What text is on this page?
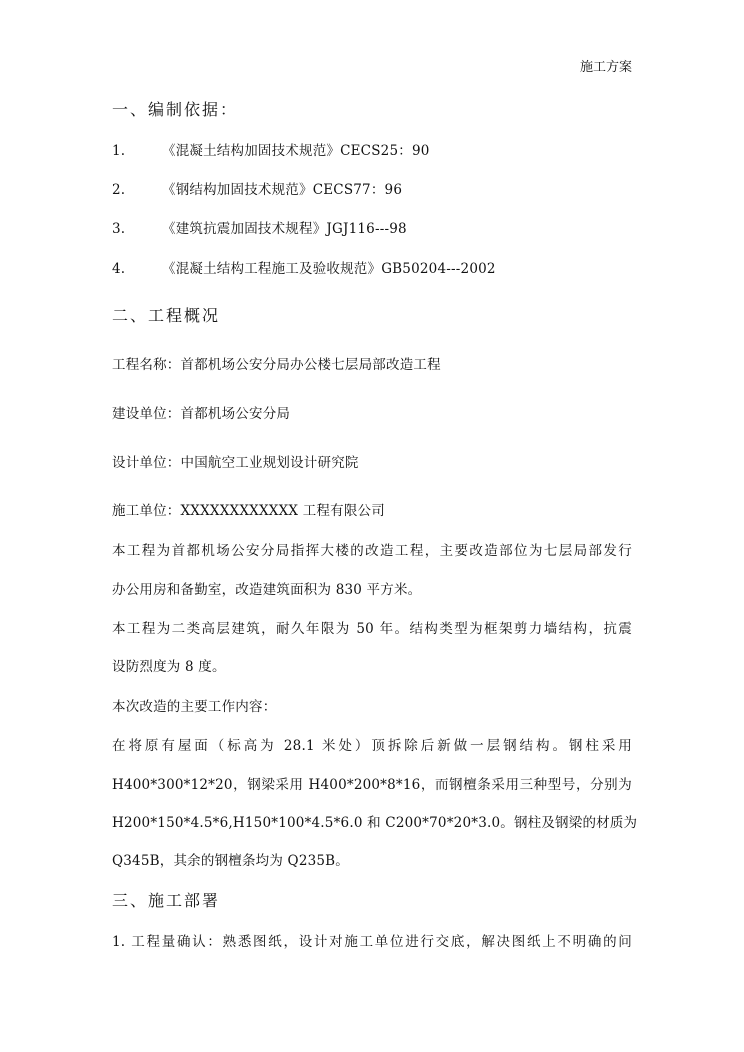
施工方案
一、编制依据：
1.	《混凝土结构加固技术规范》CECS25：90
2.	《钢结构加固技术规范》CECS77：96
3.	《建筑抗震加固技术规程》JGJ116---98
4.	《混凝土结构工程施工及验收规范》GB50204---2002
二、工程概况
工程名称：首都机场公安分局办公楼七层局部改造工程
建设单位：首都机场公安分局
设计单位：中国航空工业规划设计研究院
施工单位：XXXXXXXXXXXX 工程有限公司
本工程为首都机场公安分局指挥大楼的改造工程，主要改造部位为七层局部发行
办公用房和备勤室，改造建筑面积为 830 平方米。
本工程为二类高层建筑，耐久年限为 50 年。结构类型为框架剪力墙结构，抗震
设防烈度为 8 度。
本次改造的主要工作内容：
在将原有屋面（标高为 28.1 米处）顶拆除后新做一层钢结构。钢柱采用
H400*300*12*20，钢梁采用 H400*200*8*16，而钢檀条采用三种型号，分别为
H200*150*4.5*6,H150*100*4.5*6.0 和 C200*70*20*3.0。钢柱及钢梁的材质为
Q345B，其余的钢檀条均为 Q235B。
三、施工部署
1. 工程量确认：熟悉图纸，设计对施工单位进行交底，解决图纸上不明确的问
